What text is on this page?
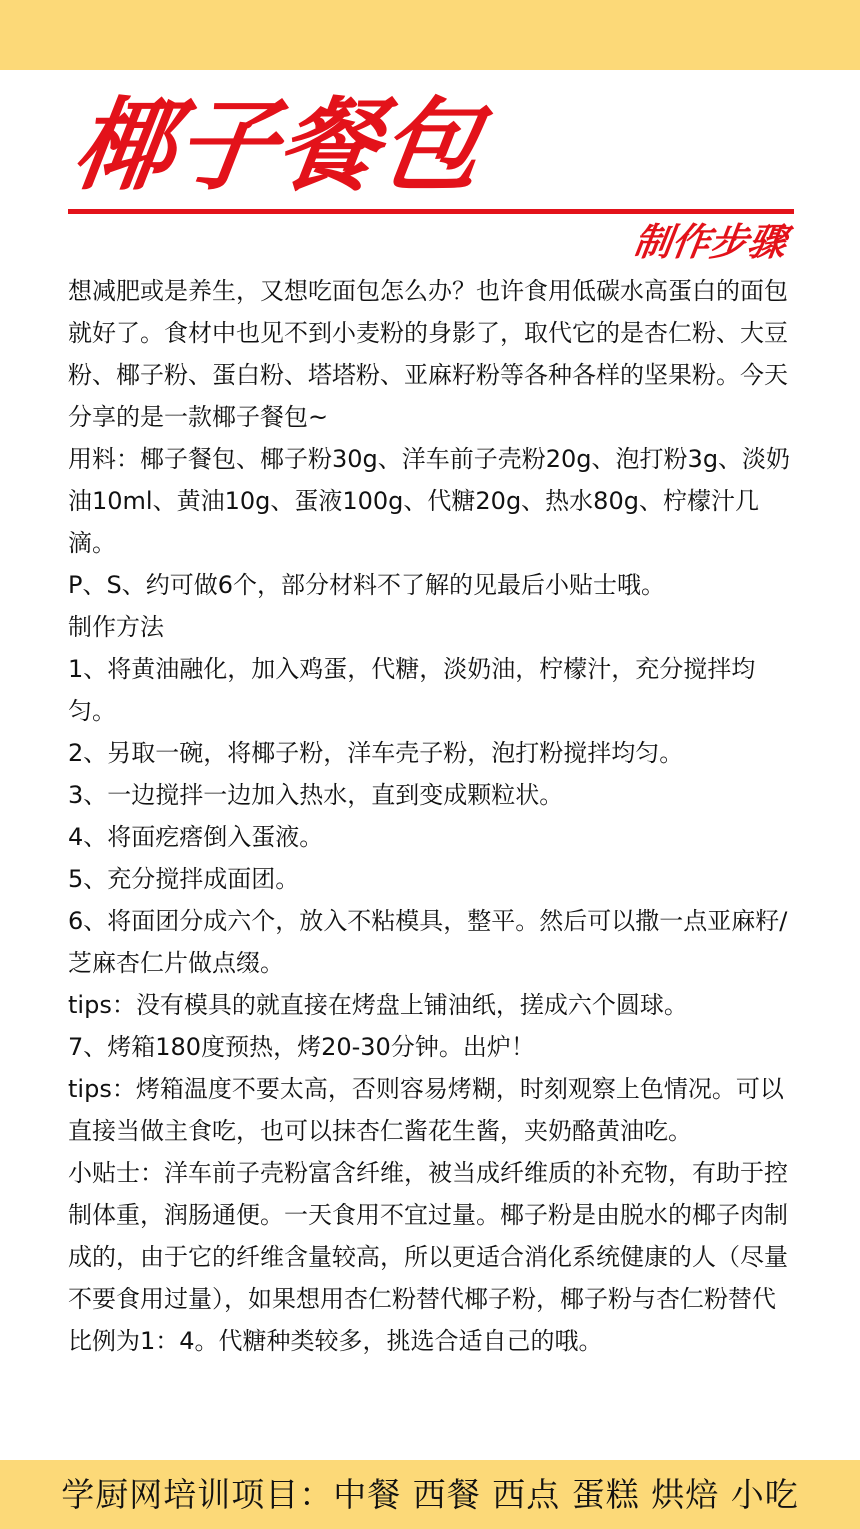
椰子餐包
制作步骤

想减肥或是养生，又想吃面包怎么办？也许食用低碳水高蛋白的面包就好了。食材中也见不到小麦粉的身影了，取代它的是杏仁粉、大豆粉、椰子粉、蛋白粉、塔塔粉、亚麻籽粉等各种各样的坚果粉。今天分享的是一款椰子餐包~

用料：椰子餐包、椰子粉30g、洋车前子壳粉20g、泡打粉3g、淡奶油10ml、黄油10g、蛋液100g、代糖20g、热水80g、柠檬汁几滴。

P、S、约可做6个，部分材料不了解的见最后小贴士哦。

制作方法

1、将黄油融化，加入鸡蛋，代糖，淡奶油，柠檬汁，充分搅拌均匀。

2、另取一碗，将椰子粉，洋车壳子粉，泡打粉搅拌均匀。

3、一边搅拌一边加入热水，直到变成颗粒状。

4、将面疙瘩倒入蛋液。

5、充分搅拌成面团。

6、将面团分成六个，放入不粘模具，整平。然后可以撒一点亚麻籽/芝麻杏仁片做点缀。

tips：没有模具的就直接在烤盘上铺油纸，搓成六个圆球。

7、烤箱180度预热，烤20-30分钟。出炉！

tips：烤箱温度不要太高，否则容易烤糊，时刻观察上色情况。可以直接当做主食吃，也可以抹杏仁酱花生酱，夹奶酪黄油吃。

小贴士：洋车前子壳粉富含纤维，被当成纤维质的补充物，有助于控制体重，润肠通便。一天食用不宜过量。椰子粉是由脱水的椰子肉制成的，由于它的纤维含量较高，所以更适合消化系统健康的人（尽量不要食用过量），如果想用杏仁粉替代椰子粉，椰子粉与杏仁粉替代比例为1：4。代糖种类较多，挑选合适自己的哦。

学厨网培训项目：中餐 西餐 西点 蛋糕 烘焙 小吃
